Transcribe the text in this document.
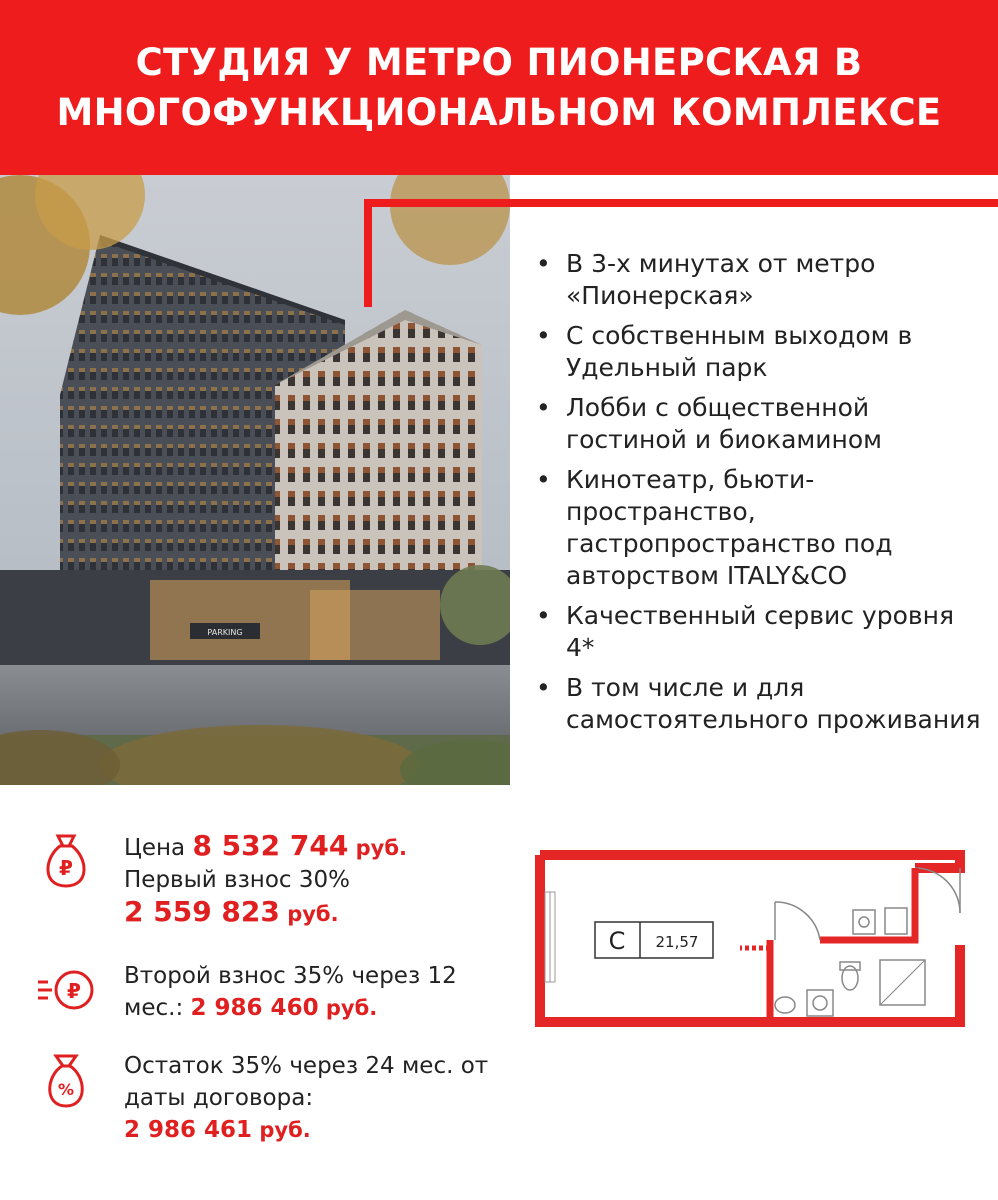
СТУДИЯ У МЕТРО ПИОНЕРСКАЯ В
МНОГОФУНКЦИОНАЛЬНОМ КОМПЛЕКСЕ
PARKING
• В 3-х минутах от метро «Пионерская»
• С собственным выходом в Удельный парк
• Лобби с общественной гостиной и биокамином
• Кинотеатр, бьюти-пространство, гастропространство под авторством ITALY&CO
• Качественный сервис уровня 4*
• В том числе и для самостоятельного проживания
₽
Цена 8 532 744 руб.
Первый взнос 30%
2 559 823 руб.
₽
Второй взнос 35% через 12
мес.: 2 986 460 руб.
%
Остаток 35% через 24 мес. от
даты договора:
2 986 461 руб.
С 21,57
